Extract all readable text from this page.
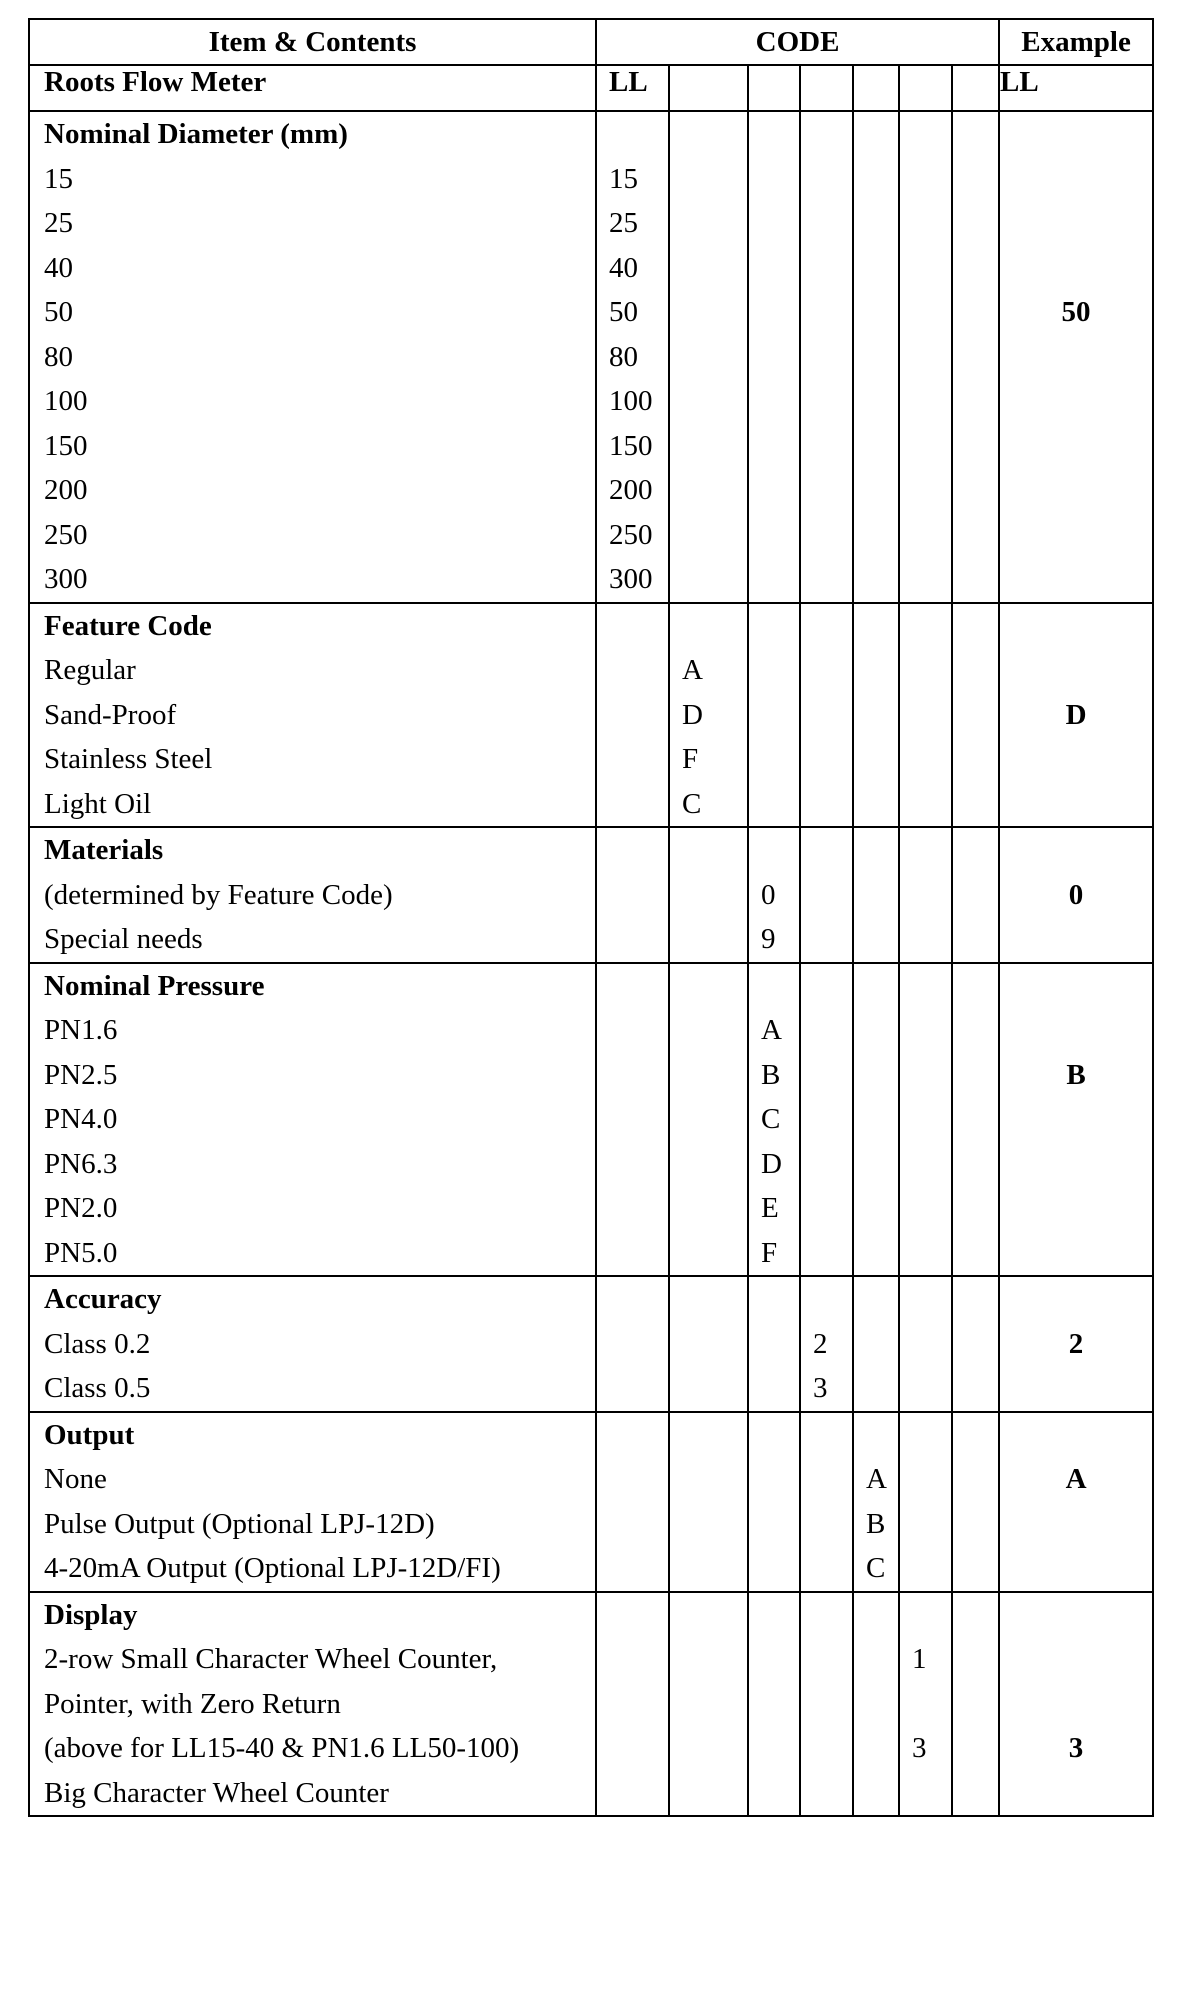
Item & Contents	CODE							Example
Roots Flow Meter	LL							LL
Nominal Diameter (mm)								
15	15							
25	25							
40	40							
50	50							50
80	80							
100	100							
150	150							
200	200							
250	250							
300	300							
Feature Code								
Regular		A						
Sand-Proof		D						D
Stainless Steel		F						
Light Oil		C						
Materials								
(determined by Feature Code)			0					0
Special needs			9					
Nominal Pressure								
PN1.6			A					
PN2.5			B					B
PN4.0			C					
PN6.3			D					
PN2.0			E					
PN5.0			F					
Accuracy								
Class 0.2				2				2
Class 0.5				3				
Output								
None					A			A
Pulse Output (Optional LPJ-12D)					B			
4-20mA Output (Optional LPJ-12D/FI)					C			
Display								
2-row Small Character Wheel Counter,						1		
Pointer, with Zero Return								
(above for LL15-40 & PN1.6 LL50-100)						3		3
Big Character Wheel Counter								
